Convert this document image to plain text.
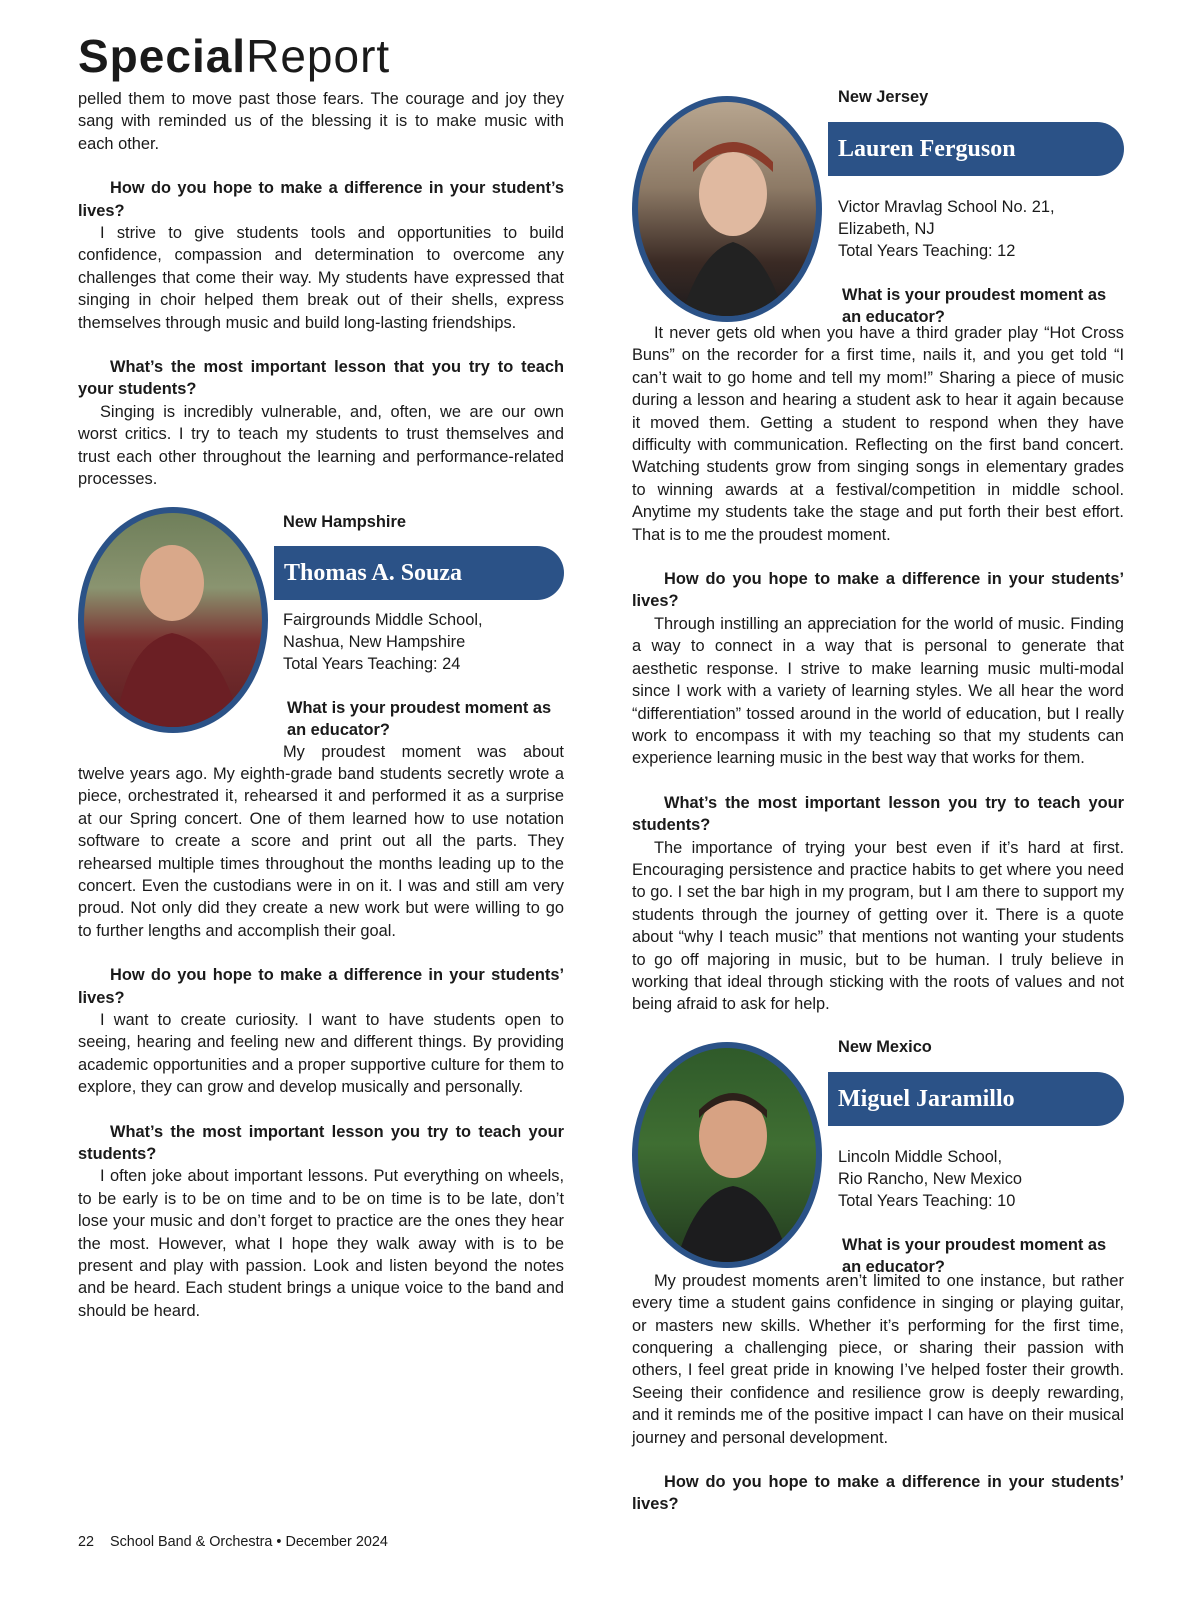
SpecialReport

pelled them to move past those fears. The courage and joy they sang with reminded us of the blessing it is to make music with each other.

How do you hope to make a difference in your student’s lives?

I strive to give students tools and opportunities to build confidence, compassion and determination to overcome any challenges that come their way. My students have expressed that singing in choir helped them break out of their shells, express themselves through music and build long-lasting friendships.

What’s the most important lesson that you try to teach your students?

Singing is incredibly vulnerable, and, often, we are our own worst critics. I try to teach my students to trust themselves and trust each other throughout the learning and performance-related processes.

Thomas A. Souza
New Hampshire
Fairgrounds Middle School,
Nashua, New Hampshire
Total Years Teaching: 24
What is your proudest moment as an educator?

My proudest moment was about twelve years ago. My eighth-grade band students secretly wrote a piece, orchestrated it, rehearsed it and performed it as a surprise at our Spring concert. One of them learned how to use notation software to create a score and print out all the parts. They rehearsed multiple times throughout the months leading up to the concert. Even the custodians were in on it. I was and still am very proud. Not only did they create a new work but were willing to go to further lengths and accomplish their goal.

How do you hope to make a difference in your students’ lives?

I want to create curiosity. I want to have students open to seeing, hearing and feeling new and different things. By providing academic opportunities and a proper supportive culture for them to explore, they can grow and develop musically and personally.

What’s the most important lesson you try to teach your students?

I often joke about important lessons. Put everything on wheels, to be early is to be on time and to be on time is to be late, don’t lose your music and don’t forget to practice are the ones they hear the most. However, what I hope they walk away with is to be present and play with passion. Look and listen beyond the notes and be heard. Each student brings a unique voice to the band and should be heard.

Lauren Ferguson
New Jersey
Victor Mravlag School No. 21, Elizabeth, NJ
Total Years Teaching: 12
What is your proudest moment as an educator?

It never gets old when you have a third grader play “Hot Cross Buns” on the recorder for a first time, nails it, and you get told “I can’t wait to go home and tell my mom!” Sharing a piece of music during a lesson and hearing a student ask to hear it again because it moved them. Getting a student to respond when they have difficulty with communication. Reflecting on the first band concert. Watching students grow from singing songs in elementary grades to winning awards at a festival/competition in middle school. Anytime my students take the stage and put forth their best effort. That is to me the proudest moment.

How do you hope to make a difference in your students’ lives?

Through instilling an appreciation for the world of music. Finding a way to connect in a way that is personal to generate that aesthetic response. I strive to make learning music multi-modal since I work with a variety of learning styles. We all hear the word “differentiation” tossed around in the world of education, but I really work to encompass it with my teaching so that my students can experience learning music in the best way that works for them.

What’s the most important lesson you try to teach your students?

The importance of trying your best even if it’s hard at first. Encouraging persistence and practice habits to get where you need to go. I set the bar high in my program, but I am there to support my students through the journey of getting over it. There is a quote about “why I teach music” that mentions not wanting your students to go off majoring in music, but to be human. I truly believe in working that ideal through sticking with the roots of values and not being afraid to ask for help.

Miguel Jaramillo
New Mexico
Lincoln Middle School,
Rio Rancho, New Mexico
Total Years Teaching: 10
What is your proudest moment as an educator?

My proudest moments aren’t limited to one instance, but rather every time a student gains confidence in singing or playing guitar, or masters new skills. Whether it’s performing for the first time, conquering a challenging piece, or sharing their passion with others, I feel great pride in knowing I’ve helped foster their growth. Seeing their confidence and resilience grow is deeply rewarding, and it reminds me of the positive impact I can have on their musical journey and personal development.

How do you hope to make a difference in your students’ lives?

22 School Band & Orchestra • December 2024
